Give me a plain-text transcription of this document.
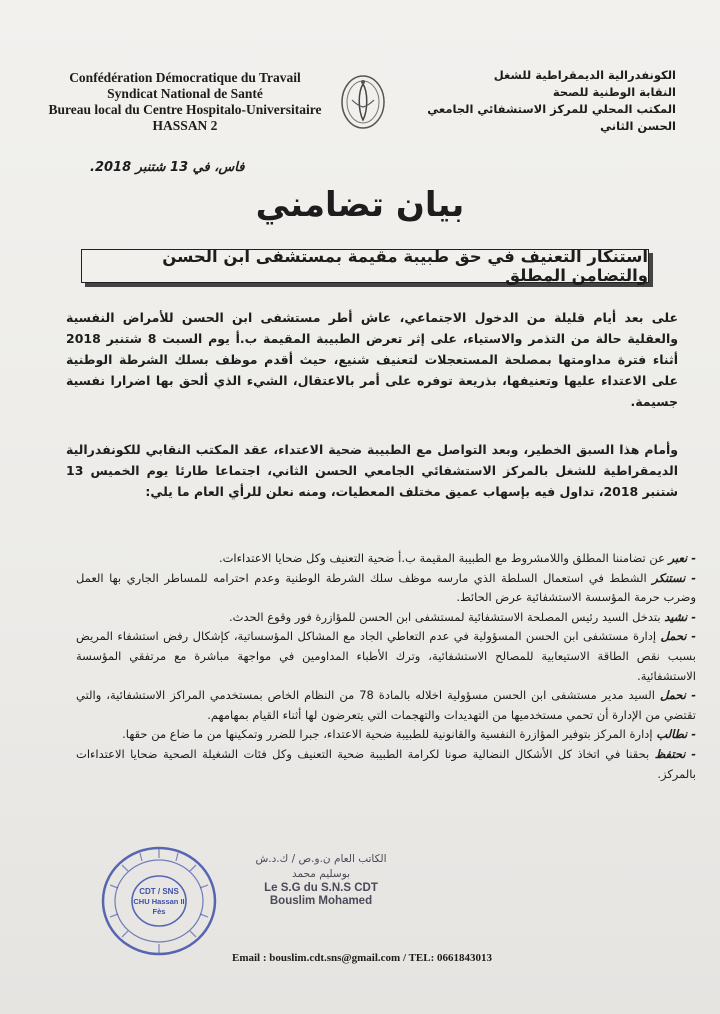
Confédération Démocratique du Travail
Syndicat National de Santé
Bureau local du Centre Hospitalo-Universitaire
HASSAN 2
الكونفدرالية الديمقراطية للشغل
النقابة الوطنية للصحة
المكتب المحلي للمركز الاستشفائي الجامعي
الحسن الثاني
فاس، في 13 شتنبر 2018.
بيان تضامني
استنكار التعنيف في حق طبيبة مقيمة بمستشفى ابن الحسن والتضامن المطلق
على بعد أيام قليلة من الدخول الاجتماعي، عاش أطر مستشفى ابن الحسن للأمراض النفسية والعقلية حالة من التذمر والاستياء، على إثر تعرض الطبيبة المقيمة ب.أ يوم السبت 8 شتنبر 2018 أثناء فترة مداومتها بمصلحة المستعجلات لتعنيف شنيع، حيث أقدم موظف بسلك الشرطة الوطنية على الاعتداء عليها وتعنيفها، بذريعة توفره على أمر بالاعتقال، الشيء الذي ألحق بها اضرارا نفسية جسيمة.
وأمام هذا السبق الخطير، وبعد التواصل مع الطبيبة ضحية الاعتداء، عقد المكتب النقابي للكونفدرالية الديمقراطية للشغل بالمركز الاستشفائي الجامعي الحسن الثاني، اجتماعا طارئا يوم الخميس 13 شتنبر 2018، تداول فيه بإسهاب عميق مختلف المعطيات، ومنه نعلن للرأي العام ما يلي:
- نعبر عن تضامننا المطلق واللامشروط مع الطبيبة المقيمة ب.أ ضحية التعنيف وكل ضحايا الاعتداءات.
- نستنكر الشطط في استعمال السلطة الذي مارسه موظف سلك الشرطة الوطنية وعدم احترامه للمساطر الجاري بها العمل وضرب حرمة المؤسسة الاستشفائية عرض الحائط.
- نشيد بتدخل السيد رئيس المصلحة الاستشفائية لمستشفى ابن الحسن للمؤازرة فور وقوع الحدث.
- نحمل إدارة مستشفى ابن الحسن المسؤولية في عدم التعاطي الجاد مع المشاكل المؤسساتية، كإشكال رفض استشفاء المريض بسبب نقص الطاقة الاستيعابية للمصالح الاستشفائية، وترك الأطباء المداومين في مواجهة مباشرة مع مرتفقي المؤسسة الاستشفائية.
- نحمل السيد مدير مستشفى ابن الحسن مسؤولية اخلاله بالمادة 78 من النظام الخاص بمستخدمي المراكز الاستشفائية، والتي تقتضي من الإدارة أن تحمي مستخدميها من التهديدات والتهجمات التي يتعرضون لها أثناء القيام بمهامهم.
- نطالب إدارة المركز بتوفير المؤازرة النفسية والقانونية للطبيبة ضحية الاعتداء، جبرا للضرر وتمكينها من ما ضاع من حقها.
- نحتفظ بحقنا في اتخاذ كل الأشكال النضالية صونا لكرامة الطبيبة ضحية التعنيف وكل فئات الشغيلة الصحية ضحايا الاعتداءات بالمركز.
CDT / SNS
CHU Hassan II
Fès
الكاتب العام ن.و.ص / ك.د.ش
بوسليم محمد
Le S.G du S.N.S CDT
Bouslim Mohamed
Email : bouslim.cdt.sns@gmail.com / TEL: 0661843013
